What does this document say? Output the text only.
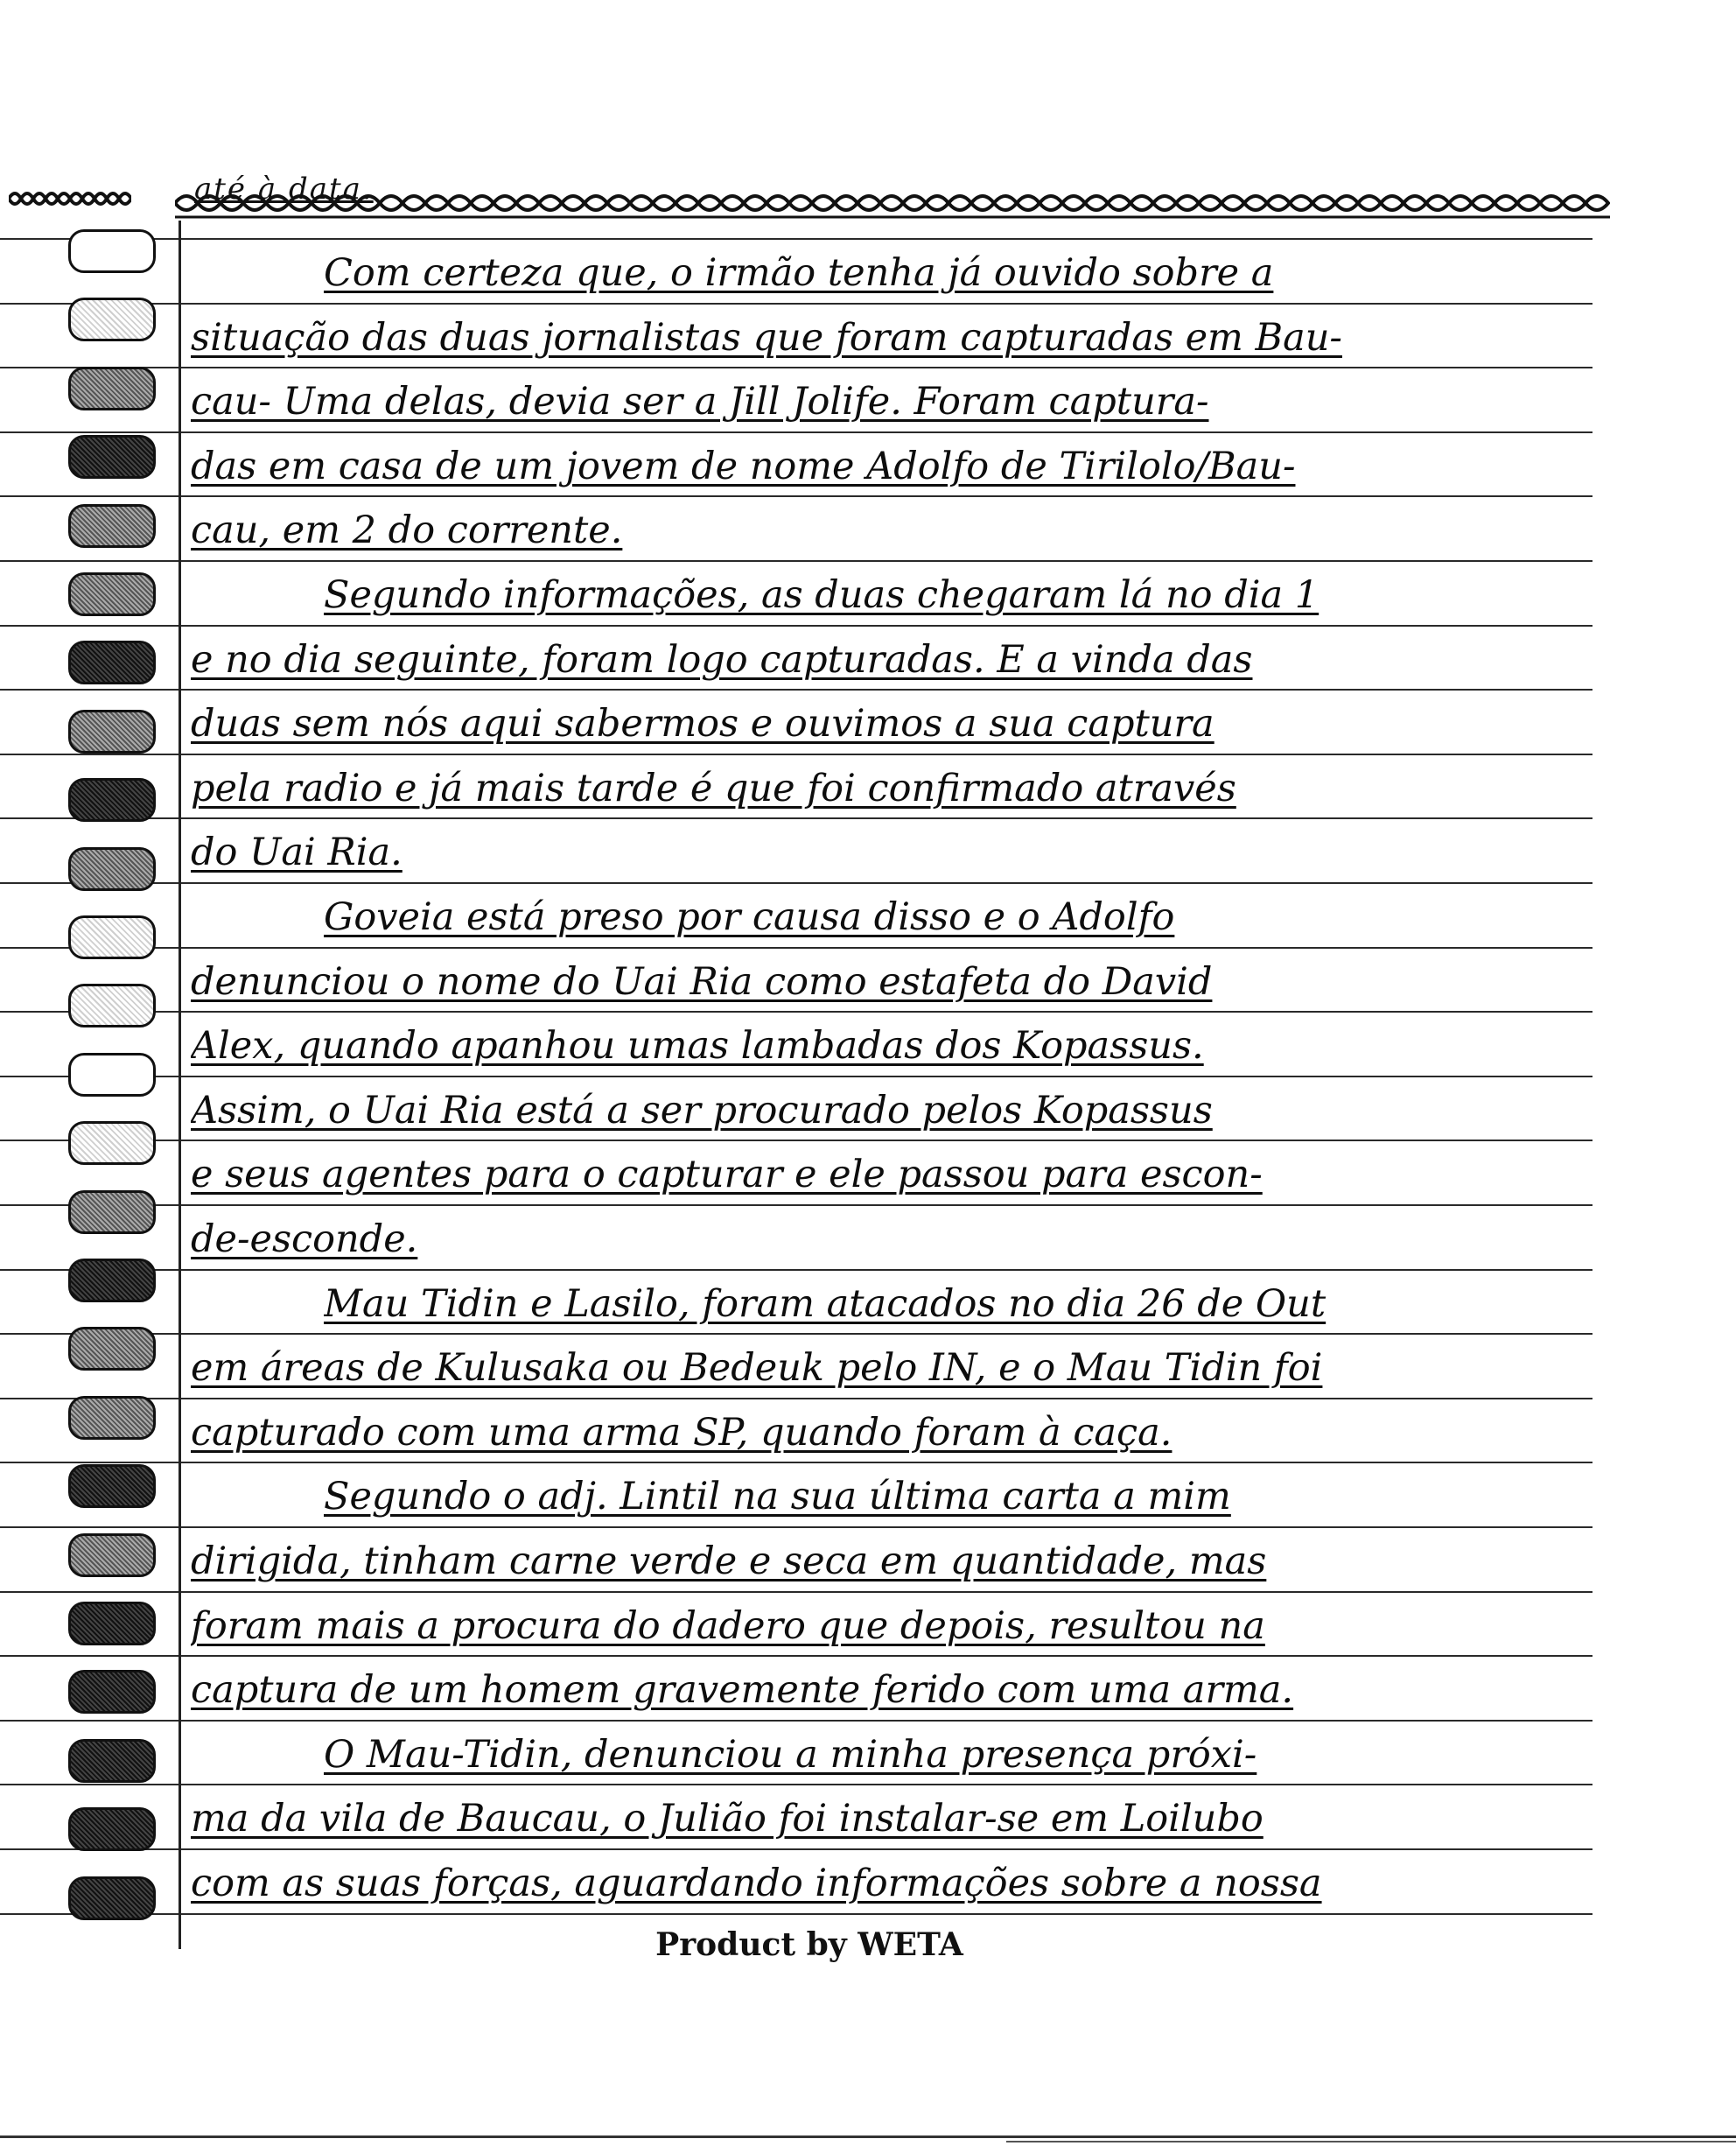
até à data.
Com certeza que, o irmão tenha já ouvido sobre a
situação das duas jornalistas que foram capturadas em Bau-
cau- Uma delas, devia ser a Jill Jolife. Foram captura-
das em casa de um jovem de nome Adolfo de Tirilolo/Bau-
cau, em 2 do corrente.
Segundo informações, as duas chegaram lá no dia 1
e no dia seguinte, foram logo capturadas. E a vinda das
duas sem nós aqui sabermos e ouvimos a sua captura
pela radio e já mais tarde é que foi confirmado através
do Uai Ria.
Goveia está preso por causa disso e o Adolfo
denunciou o nome do Uai Ria como estafeta do David
Alex, quando apanhou umas lambadas dos Kopassus.
Assim, o Uai Ria está a ser procurado pelos Kopassus
e seus agentes para o capturar e ele passou para escon-
de-esconde.
Mau Tidin e Lasilo, foram atacados no dia 26 de Out
em áreas de Kulusaka ou Bedeuk pelo IN, e o Mau Tidin foi
capturado com uma arma SP, quando foram à caça.
Segundo o adj. Lintil na sua última carta a mim
dirigida, tinham carne verde e seca em quantidade, mas
foram mais a procura do dadero que depois, resultou na
captura de um homem gravemente ferido com uma arma.
O Mau-Tidin, denunciou a minha presença próxi-
ma da vila de Baucau, o Julião foi instalar-se em Loilubo
com as suas forças, aguardando informações sobre a nossa
Product by WETA
